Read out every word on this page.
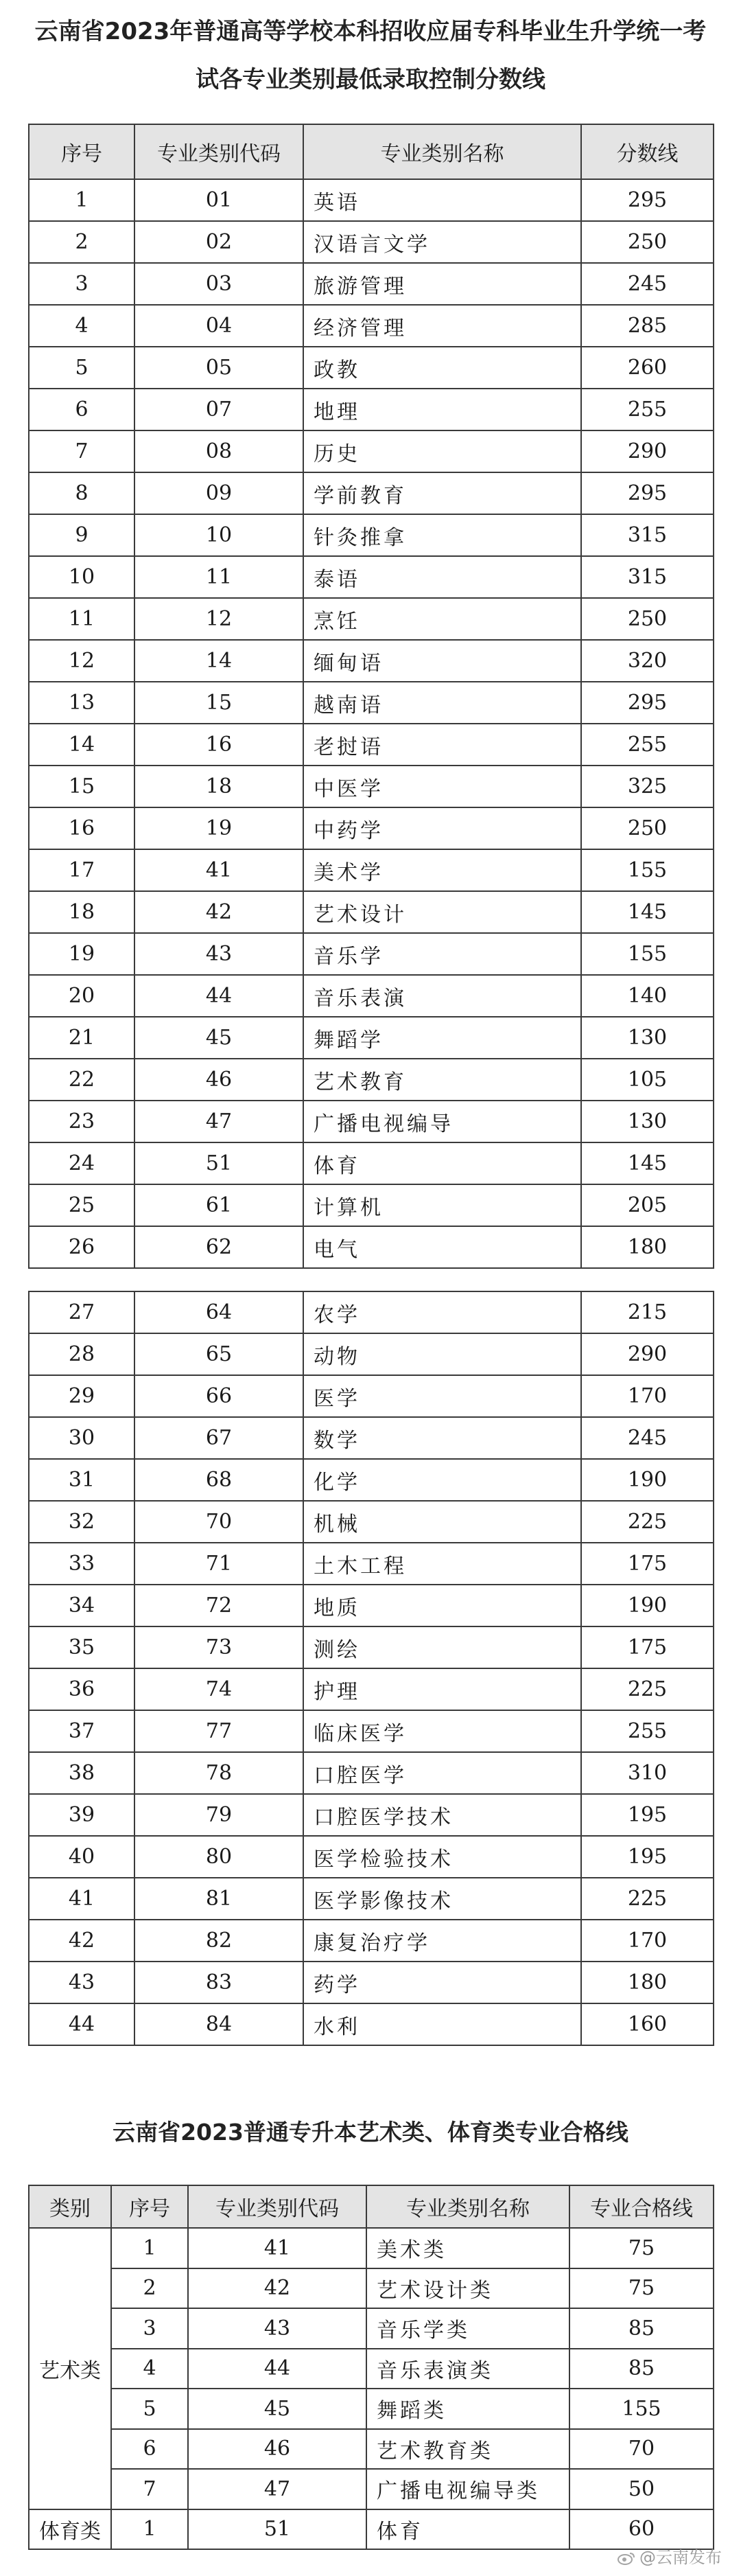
云南省2023年普通高等学校本科招收应届专科毕业生升学统一考
试各专业类别最低录取控制分数线
序号	专业类别代码	专业类别名称	分数线
1	01	英语	295
2	02	汉语言文学	250
3	03	旅游管理	245
4	04	经济管理	285
5	05	政教	260
6	07	地理	255
7	08	历史	290
8	09	学前教育	295
9	10	针灸推拿	315
10	11	泰语	315
11	12	烹饪	250
12	14	缅甸语	320
13	15	越南语	295
14	16	老挝语	255
15	18	中医学	325
16	19	中药学	250
17	41	美术学	155
18	42	艺术设计	145
19	43	音乐学	155
20	44	音乐表演	140
21	45	舞蹈学	130
22	46	艺术教育	105
23	47	广播电视编导	130
24	51	体育	145
25	61	计算机	205
26	62	电气	180
27	64	农学	215
28	65	动物	290
29	66	医学	170
30	67	数学	245
31	68	化学	190
32	70	机械	225
33	71	土木工程	175
34	72	地质	190
35	73	测绘	175
36	74	护理	225
37	77	临床医学	255
38	78	口腔医学	310
39	79	口腔医学技术	195
40	80	医学检验技术	195
41	81	医学影像技术	225
42	82	康复治疗学	170
43	83	药学	180
44	84	水利	160
云南省2023普通专升本艺术类、体育类专业合格线
类别	序号	专业类别代码	专业类别名称	专业合格线
艺术类	1	41	美术类	75
	2	42	艺术设计类	75
	3	43	音乐学类	85
	4	44	音乐表演类	85
	5	45	舞蹈类	155
	6	46	艺术教育类	70
	7	47	广播电视编导类	50
体育类	1	51	体育	60
@云南发布
